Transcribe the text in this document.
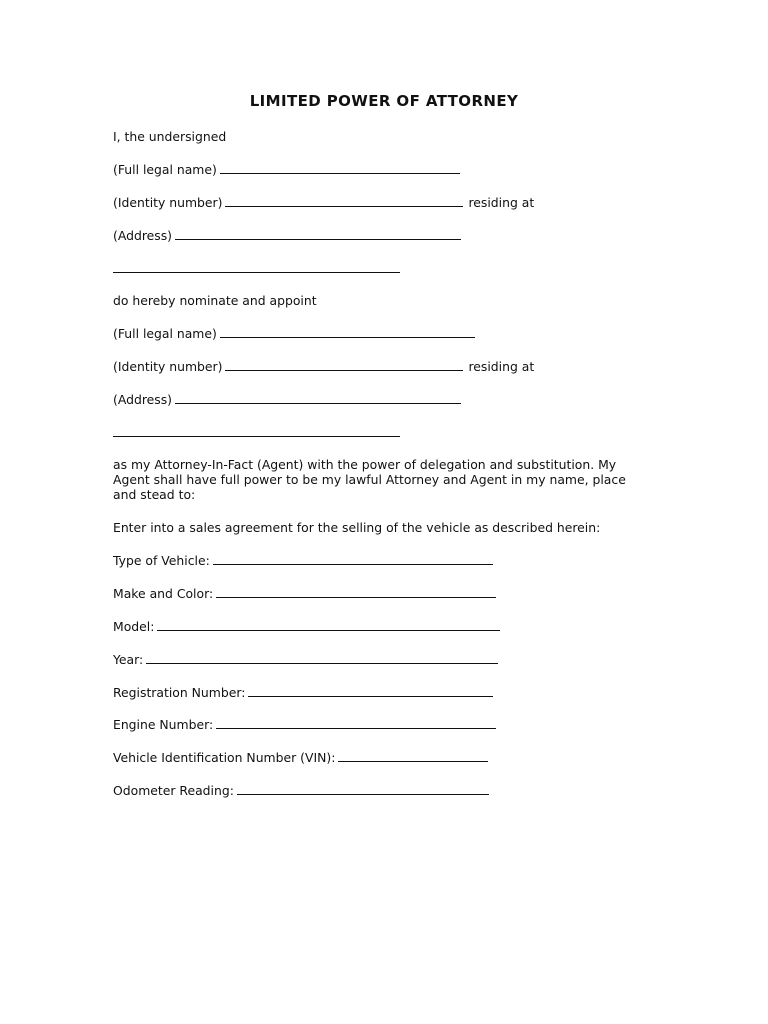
LIMITED POWER OF ATTORNEY
I, the undersigned
(Full legal name)
(Identity number)	residing at
(Address)
do hereby nominate and appoint
(Full legal name)
(Identity number)	residing at
(Address)
as my Attorney-In-Fact (Agent) with the power of delegation and substitution. My Agent shall have full power to be my lawful Attorney and Agent in my name, place and stead to:
Enter into a sales agreement for the selling of the vehicle as described herein:
Type of Vehicle:
Make and Color:
Model:
Year:
Registration Number:
Engine Number:
Vehicle Identification Number (VIN):
Odometer Reading:
